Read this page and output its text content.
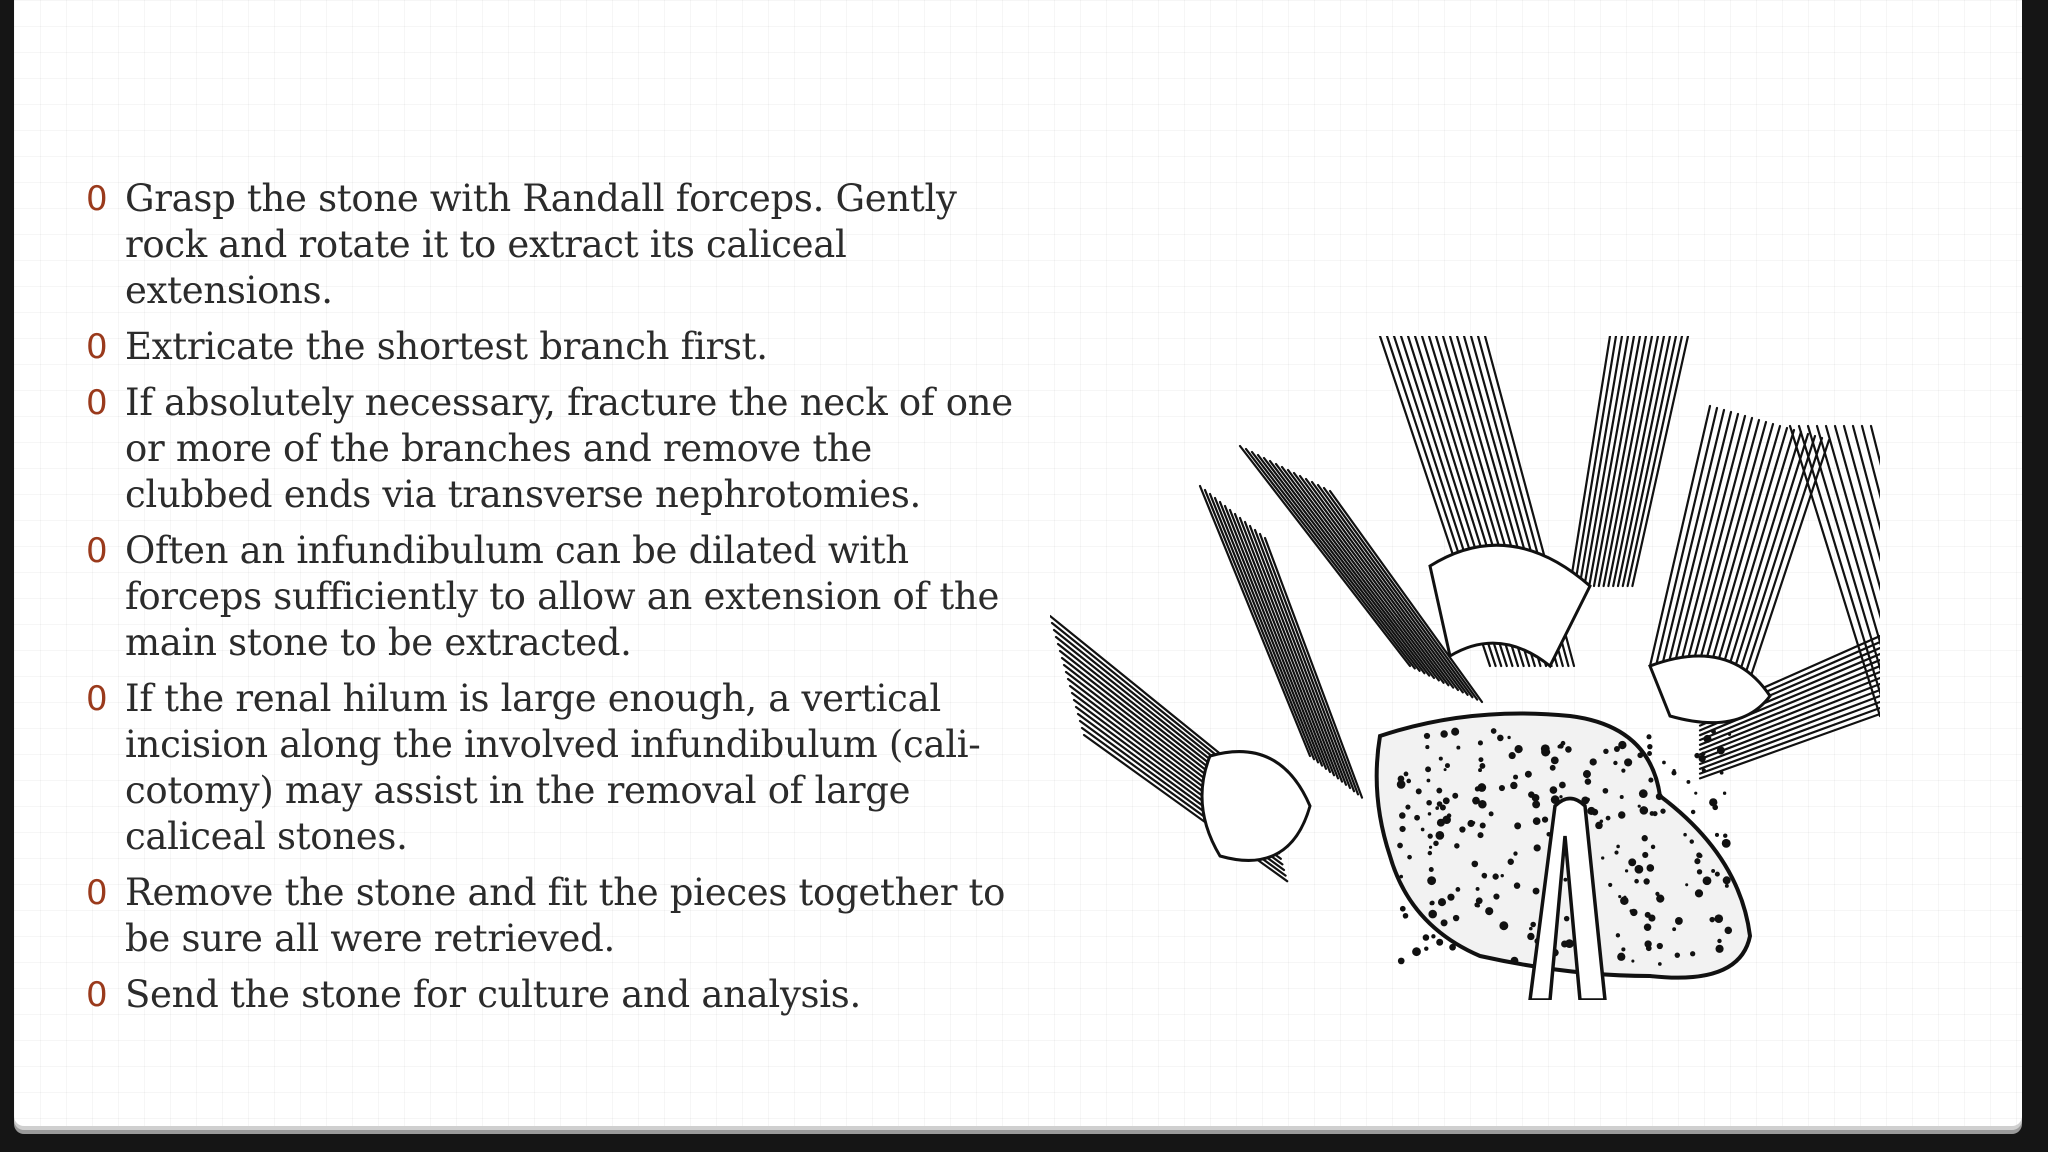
0 Grasp the stone with Randall forceps. Gently rock and rotate it to extract its caliceal extensions.
0 Extricate the shortest branch first.
0 If absolutely necessary, fracture the neck of one or more of the branches and remove the clubbed ends via transverse nephrotomies.
0 Often an infundibulum can be dilated with forceps sufficiently to allow an extension of the main stone to be extracted.
0 If the renal hilum is large enough, a vertical incision along the involved infundibulum (cali-cotomy) may assist in the removal of large caliceal stones.
0 Remove the stone and fit the pieces together to be sure all were retrieved.
0 Send the stone for culture and analysis.
